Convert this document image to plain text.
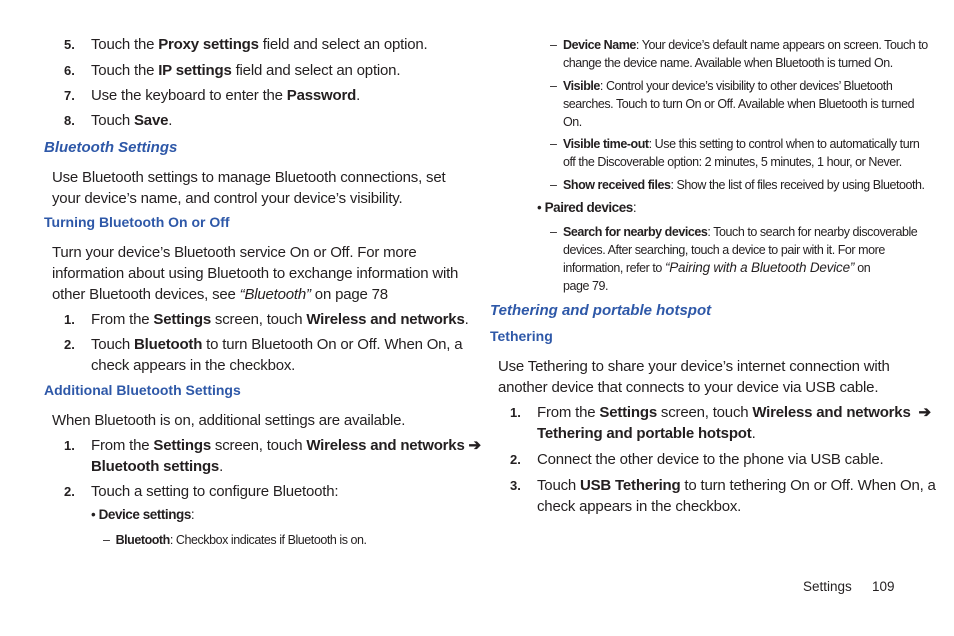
5. Touch the Proxy settings field and select an option.
6. Touch the IP settings field and select an option.
7. Use the keyboard to enter the Password.
8. Touch Save.
Bluetooth Settings
Use Bluetooth settings to manage Bluetooth connections, set
your device’s name, and control your device’s visibility.
Turning Bluetooth On or Off
Turn your device’s Bluetooth service On or Off. For more
information about using Bluetooth to exchange information with
other Bluetooth devices, see “Bluetooth” on page 78
1. From the Settings screen, touch Wireless and networks.
2. Touch Bluetooth to turn Bluetooth On or Off. When On, a
check appears in the checkbox.
Additional Bluetooth Settings
When Bluetooth is on, additional settings are available.
1. From the Settings screen, touch Wireless and networks ➔
Bluetooth settings.
2. Touch a setting to configure Bluetooth:
• Device settings:
– Bluetooth: Checkbox indicates if Bluetooth is on.
– Device Name: Your device’s default name appears on screen. Touch to
change the device name. Available when Bluetooth is turned On.
– Visible: Control your device’s visibility to other devices’ Bluetooth
searches. Touch to turn On or Off. Available when Bluetooth is turned
On.
– Visible time-out: Use this setting to control when to automatically turn
off the Discoverable option: 2 minutes, 5 minutes, 1 hour, or Never.
– Show received files: Show the list of files received by using Bluetooth.
• Paired devices:
– Search for nearby devices: Touch to search for nearby discoverable
devices. After searching, touch a device to pair with it. For more
information, refer to “Pairing with a Bluetooth Device” on
page 79.
Tethering and portable hotspot
Tethering
Use Tethering to share your device’s internet connection with
another device that connects to your device via USB cable.
1. From the Settings screen, touch Wireless and networks  ➔
Tethering and portable hotspot.
2. Connect the other device to the phone via USB cable.
3. Touch USB Tethering to turn tethering On or Off. When On, a
check appears in the checkbox.
Settings 109
